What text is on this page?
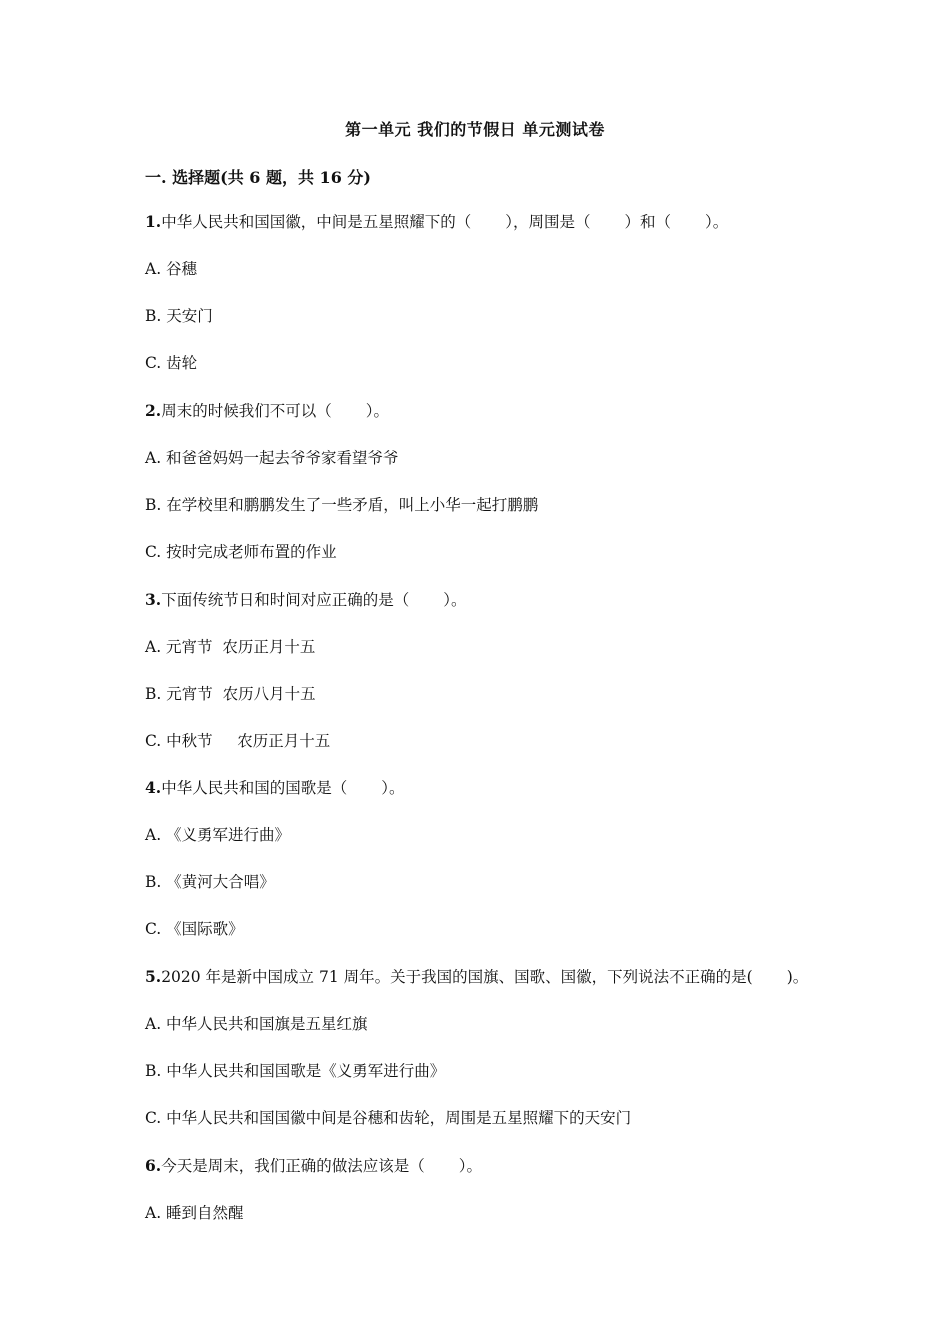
第一单元 我们的节假日 单元测试卷
一. 选择题(共 6 题，共 16 分)
1.中华人民共和国国徽，中间是五星照耀下的（ ），周围是（ ）和（ ）。
A. 谷穗
B. 天安门
C. 齿轮
2.周末的时候我们不可以（ ）。
A. 和爸爸妈妈一起去爷爷家看望爷爷
B. 在学校里和鹏鹏发生了一些矛盾，叫上小华一起打鹏鹏
C. 按时完成老师布置的作业
3.下面传统节日和时间对应正确的是（ ）。
A. 元宵节  农历正月十五
B. 元宵节  农历八月十五
C. 中秋节     农历正月十五
4.中华人民共和国的国歌是（ ）。
A. 《义勇军进行曲》
B. 《黄河大合唱》
C. 《国际歌》
5.2020 年是新中国成立 71 周年。关于我国的国旗、国歌、国徽，下列说法不正确的是( )。
A. 中华人民共和国旗是五星红旗
B. 中华人民共和国国歌是《义勇军进行曲》
C. 中华人民共和国国徽中间是谷穗和齿轮，周围是五星照耀下的天安门
6.今天是周末，我们正确的做法应该是（ ）。
A. 睡到自然醒
